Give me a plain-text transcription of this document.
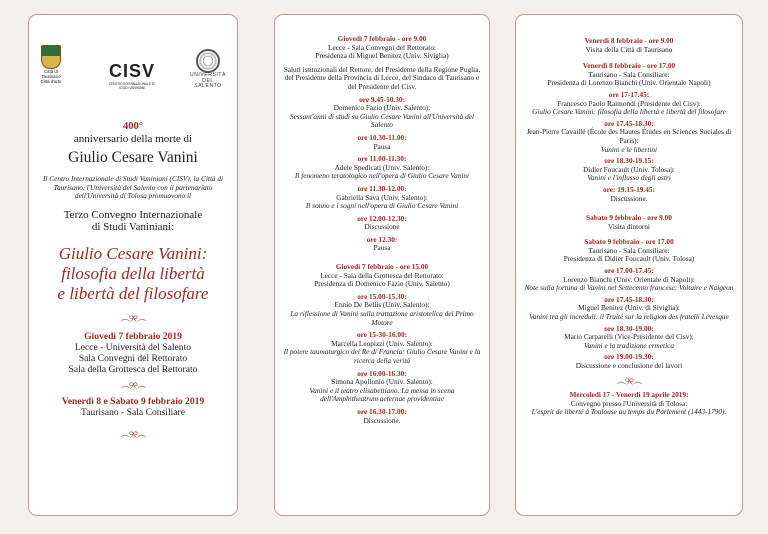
Città di Taurisano Città d'arte
CISV
CENTRO INTERNAZIONALE DI STUDI VANINIANI
UNIVERSITÀ DEL SALENTO
400°
anniversario della morte di
Giulio Cesare Vanini
Il Centro Internazionale di Studi Vaniniani (CISV), la Città di Taurisano, l'Università del Salento con il partenariato dell'Università di Tolosa promuovono il
Terzo Convegno Internazionale
di Studi Vaniniani:
Giulio Cesare Vanini:
filosofia della libertà
e libertà del filosofare
෴୨୧෴
Giovedì 7 febbraio 2019
Lecce - Università del Salento
Sala Convegni del Rettorato
Sala della Grottesca del Rettorato
෴୨୧෴
Venerdì 8 e Sabato 9 febbraio 2019
Taurisano - Sala Consiliare
෴୨୧෴
Giovedì 7 febbraio - ore 9.00
Lecce - Sala Convegni del Rettorato:
Presidenza di Miguel Benitez (Univ. Siviglia)
Saluti istituzionali del Rettore, del Presidente della Regione Puglia, del Presidente della Provincia di Lecce, del Sindaco di Taurisano e del Presidente del Cisv.
ore 9.45-10.30:
Domenico Fazio (Univ. Salento):
Sessant'anni di studi su Giulio Cesare Vanini all'Università del Salento
ore 10.30-11.00:
Pausa
ore 11.00-11.30:
Adele Spedicati (Univ. Salento):
Il fenomeno teratologico nell'opera di Giulio Cesare Vanini
ore 11.30-12.00:
Gabriella Sava (Univ. Salento):
Il sonno e i sogni nell'opera di Giulio Cesare Vanini
ore 12.00-12.30:
Discussione
ore 12.30:
Pausa
Giovedì 7 febbraio - ore 15.00
Lecce - Sala della Grottesca del Rettorato:
Presidenza di Domenico Fazio (Univ. Salento)
ore 15.00-15.30:
Ennio De Bellis (Univ. Salento):
La riflessione di Vanini sulla trattazione aristotelica del Primo Motore
ore 15-30-16.00:
Marcella Leopizzi (Univ. Salento):
Il potere taumaturgico dei Re di Francia: Giulio Cesare Vanini e la ricerca della verità
ore 16.00-16.30:
Simona Apollonio (Univ. Salento):
Vanini e il teatro elisabettiano. La messa in scena dell'Amphitheatrum aeternae providentiae
ore 16.30-17.00:
Discussione.
Venerdì 8 febbraio - ore 9.00
Visita della Città di Taurisano
Venerdì 8 febbraio - ore 17.00
Taurisano - Sala Consiliare:
Presidenza di Lorenzo Bianchi (Univ. Orientale Napoli)
ore 17-17.45:
Francesco Paolo Raimondi (Presidente del Cisv):
Giulio Cesare Vanini: filosofia della libertà e libertà del filosofare
ore 17.45-18.30:
Jean-Pierre Cavaillé (École des Hautes Études en Sciences Sociales di Paris):
Vanini e le libertini
ore 18.30-19.15:
Didier Foucault (Univ. Tolosa):
Vanini e l'influsso degli astri
ore: 19.15-19.45:
Discussione.
Sabato 9 febbraio - ore 9.00
Visita dintorni
Sabato 9 febbraio - ore 17.00
Taurisano - Sala Consiliare:
Presidenza di Didier Foucault (Univ. Tolosa)
ore 17.00-17.45:
Lorenzo Bianchi (Univ. Orientale di Napoli):
Note sulla fortuna di Vanini nel Settecento francese: Voltaire e Naigeon
ore 17.45-18.30:
Miguel Benitez (Univ. di Siviglia):
Vanini tra gli increduli: il Traité sur la religion des fratelli Lévesque
ore 18.30-19.00:
Mario Carparelli (Vice-Presidente del Cisv):
Vanini e la tradizione ermetica
ore 19.00-19.30:
Discussione e conclusione dei lavori
෴୨୧෴
Mercoledì 17 - Venerdì 19 aprile 2019:
Convegno presso l'Università di Tolosa:
L'esprit de liberté à Toulouse au temps du Parlement (1443-1790).
